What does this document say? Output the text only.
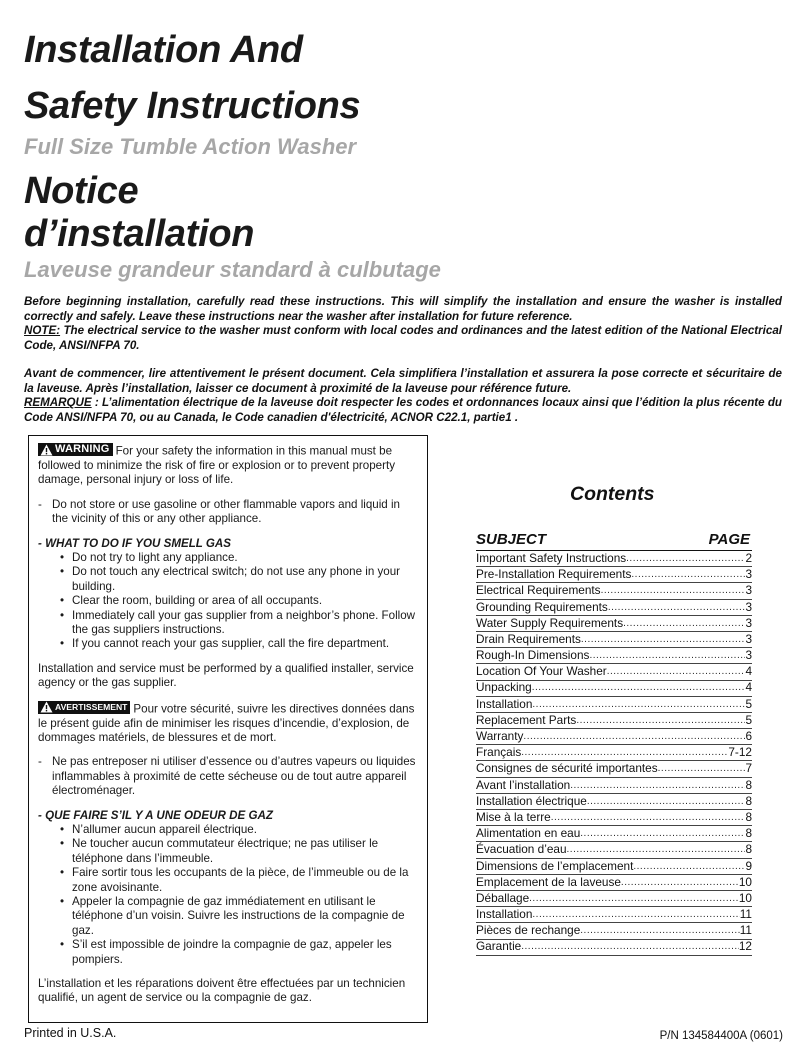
Installation And
Safety Instructions
Full Size Tumble Action Washer
Notice
d’installation
Laveuse grandeur standard à culbutage

Before beginning installation, carefully read these instructions. This will simplify the installation and ensure the washer is installed correctly and safely. Leave these instructions near the washer after installation for future reference.
NOTE: The electrical service to the washer must conform with local codes and ordinances and the latest edition of the National Electrical Code, ANSI/NFPA 70.

Avant de commencer, lire attentivement le présent document. Cela simplifiera l’installation et assurera la pose correcte et sécuritaire de la laveuse. Après l’installation, laisser ce document à proximité de la laveuse pour référence future.
REMARQUE : L’alimentation électrique de la laveuse doit respecter les codes et ordonnances locaux ainsi que l’édition la plus récente du Code ANSI/NFPA 70, ou au Canada, le Code canadien d'électricité, ACNOR C22.1, partie1 .

WARNING For your safety the information in this manual must be followed to minimize the risk of fire or explosion or to prevent property damage, personal injury or loss of life.

- Do not store or use gasoline or other flammable vapors and liquid in the vicinity of this or any other appliance.

- WHAT TO DO IF YOU SMELL GAS

• Do not try to light any appliance.
• Do not touch any electrical switch; do not use any phone in your building.
• Clear the room, building or area of all occupants.
• Immediately call your gas supplier from a neighbor’s phone. Follow the gas suppliers instructions.
• If you cannot reach your gas supplier, call the fire department.

Installation and service must be performed by a qualified installer, service agency or the gas supplier.

AVERTISSEMENT Pour votre sécurité, suivre les directives données dans le présent guide afin de minimiser les risques d’incendie, d’explosion, de dommages matériels, de blessures et de mort.

- Ne pas entreposer ni utiliser d’essence ou d’autres vapeurs ou liquides inflammables à proximité de cette sécheuse ou de tout autre appareil électroménager.

- QUE FAIRE S’IL Y A UNE ODEUR DE GAZ

• N’allumer aucun appareil électrique.
• Ne toucher aucun commutateur électrique; ne pas utiliser le téléphone dans l’immeuble.
• Faire sortir tous les occupants de la pièce, de l’immeuble ou de la zone avoisinante.
• Appeler la compagnie de gaz immédiatement en utilisant le téléphone d’un voisin. Suivre les instructions de la compagnie de gaz.
• S’il est impossible de joindre la compagnie de gaz, appeler les pompiers.

L’installation et les réparations doivent être effectuées par un technicien qualifié, un agent de service ou la compagnie de gaz.

Contents
SUBJECT	PAGE
Important Safety Instructions .....	2
Pre-Installation Requirements .....	3
Electrical Requirements .....	3
Grounding Requirements .....	3
Water Supply Requirements .....	3
Drain Requirements .....	3
Rough-In Dimensions .....	3
Location Of Your Washer .....	4
Unpacking .....	4
Installation .....	5
Replacement Parts .....	5
Warranty .....	6
Français .....	7-12
Consignes de sécurité importantes .....	7
Avant l’installation .....	8
Installation électrique .....	8
Mise à la terre .....	8
Alimentation en eau .....	8
Évacuation d’eau .....	8
Dimensions de l’emplacement .....	9
Emplacement de la laveuse .....	10
Déballage .....	10
Installation .....	11
Pièces de rechange .....	11
Garantie .....	12

Printed in U.S.A.	P/N 134584400A (0601)
